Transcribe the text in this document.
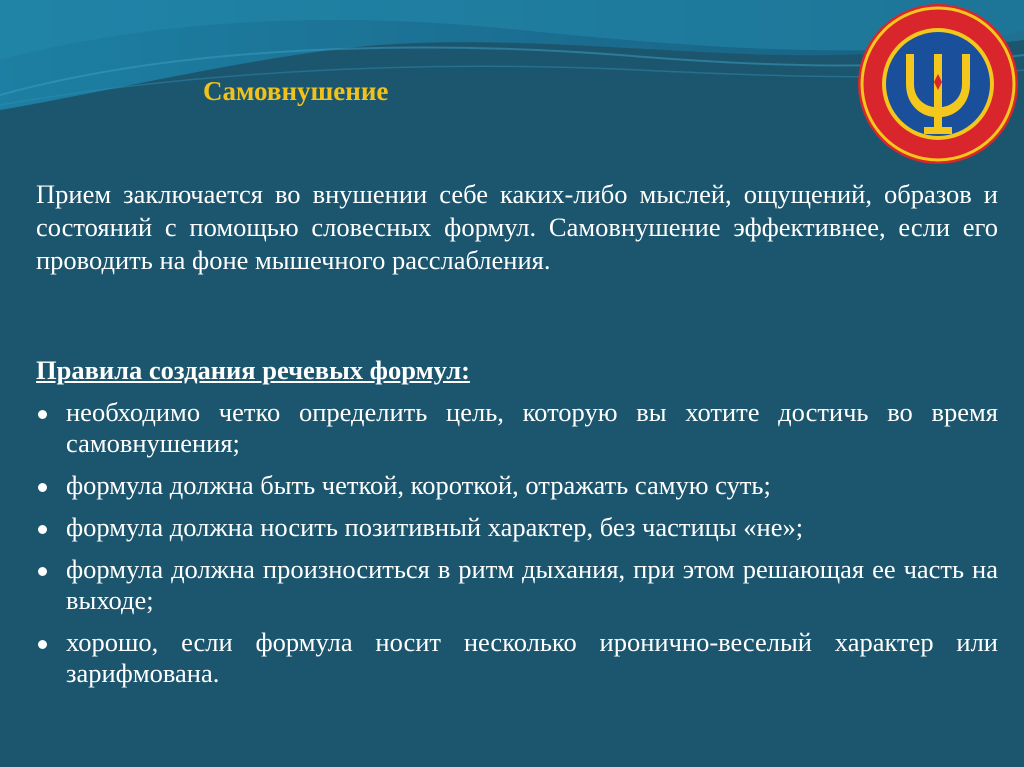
Самовнушение
Прием заключается во внушении себе каких-либо мыслей, ощущений, образов и состояний с помощью словесных формул. Самовнушение эффективнее, если его проводить на фоне мышечного расслабления.
Правила создания речевых формул:
необходимо четко определить цель, которую вы хотите достичь во время самовнушения;
формула должна быть четкой, короткой, отражать самую суть;
формула должна носить позитивный характер, без частицы «не»;
формула должна произноситься в ритм дыхания, при этом решающая ее часть на выходе;
хорошо, если формула носит несколько иронично-веселый характер или зарифмована.
